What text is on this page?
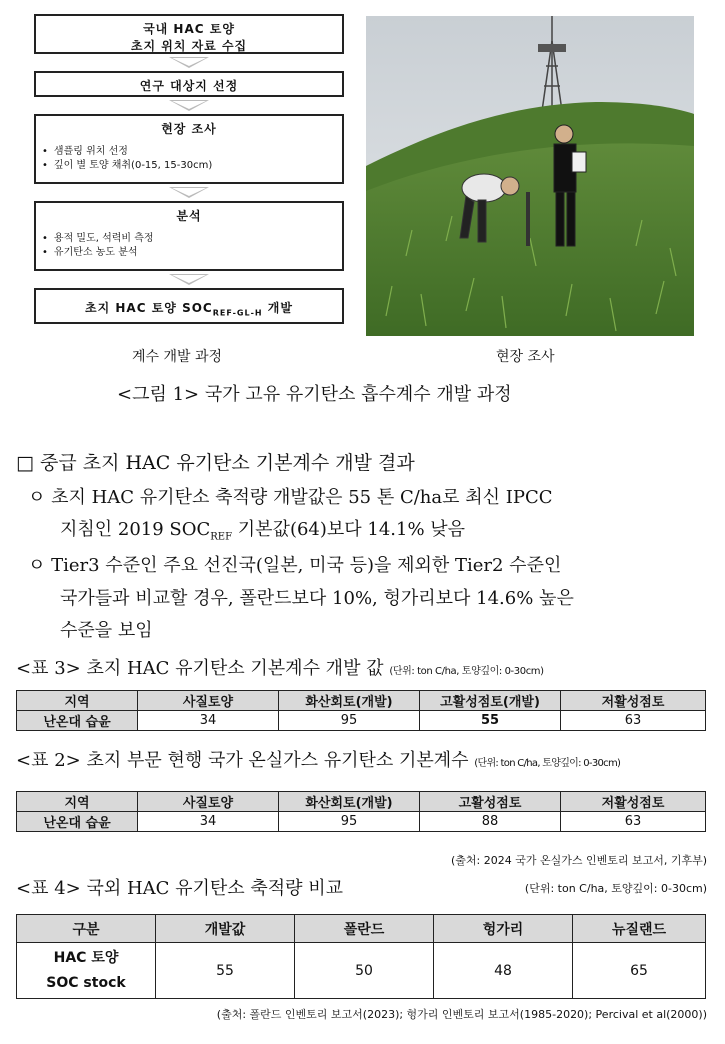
국내 HAC 토양
초지 위치 자료 수집
연구 대상지 선정
현장 조사
• 샘플링 위치 선정
• 깊이 별 토양 채취(0-15, 15-30cm)
분석
• 용적 밀도, 석력비 측정
• 유기탄소 농도 분석
초지 HAC 토양 $SOC_{REF-GL-H}$ 개발
계수 개발 과정	현장 조사
<그림 1> 국가 고유 유기탄소 흡수계수 개발 과정
□ 중급 초지 HAC 유기탄소 기본계수 개발 결과
ㅇ 초지 HAC 유기탄소 축적량 개발값은 55 톤 C/ha로 최신 IPCC
지침인 2019 $SOC_{REF}$ 기본값(64)보다 14.1% 낮음
ㅇ Tier3 수준인 주요 선진국(일본, 미국 등)을 제외한 Tier2 수준인
국가들과 비교할 경우, 폴란드보다 10%, 헝가리보다 14.6% 높은
수준을 보임
<표 3> 초지 HAC 유기탄소 기본계수 개발 값 (단위: ton C/ha, 토양깊이: 0-30cm)
지역	사질토양	화산회토(개발)	고활성점토(개발)	저활성점토
난온대 습윤	34	95	55	63
<표 2> 초지 부문 현행 국가 온실가스 유기탄소 기본계수 (단위: ton C/ha, 토양깊이: 0-30cm)
지역	사질토양	화산회토(개발)	고활성점토	저활성점토
난온대 습윤	34	95	88	63
(출처: 2024 국가 온실가스 인벤토리 보고서, 기후부)
<표 4> 국외 HAC 유기탄소 축적량 비교	(단위: ton C/ha, 토양깊이: 0-30cm)
구분	개발값	폴란드	헝가리	뉴질랜드

HAC 토양
SOC stock	55	50	48	65
(출처: 폴란드 인벤토리 보고서(2023); 헝가리 인벤토리 보고서(1985-2020); Percival et al(2000))
